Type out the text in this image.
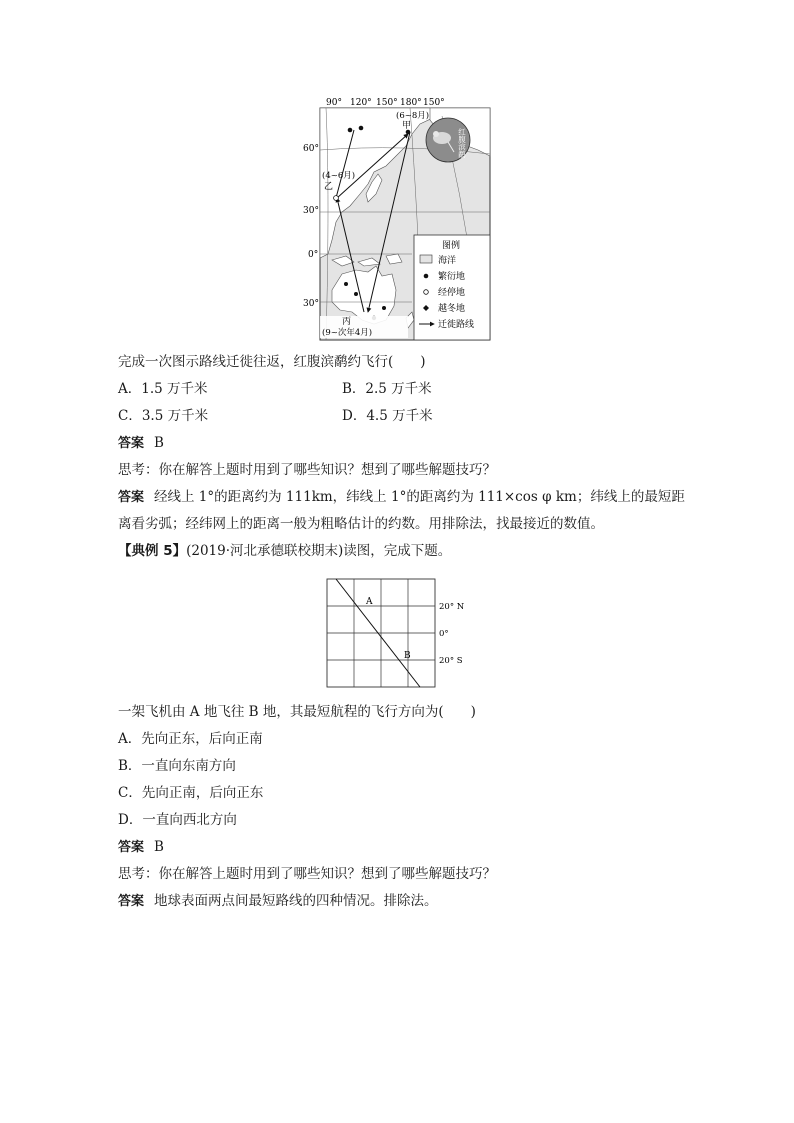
90° 120° 150° 180° 150°
60°
30°
0°
30°
(6~8月)
甲
(4~6月)
乙
丙
(9~次年4月)
红腹滨鹬
图例
海洋
繁衍地
经停地
越冬地
迁徙路线
完成一次图示路线迁徙往返，红腹滨鹬约飞行(　　)
A．1.5 万千米	B．2.5 万千米
C．3.5 万千米	D．4.5 万千米
答案 B
思考：你在解答上题时用到了哪些知识？想到了哪些解题技巧？
答案 经线上 1°的距离约为 111km，纬线上 1°的距离约为 111×cos φ km；纬线上的最短距
离看劣弧；经纬网上的距离一般为粗略估计的约数。用排除法，找最接近的数值。
【典例 5】(2019·河北承德联校期末)读图，完成下题。
A
B
20° N
0°
20° S
一架飞机由 A 地飞往 B 地，其最短航程的飞行方向为(　　)
A．先向正东，后向正南
B．一直向东南方向
C．先向正南，后向正东
D．一直向西北方向
答案 B
思考：你在解答上题时用到了哪些知识？想到了哪些解题技巧？
答案 地球表面两点间最短路线的四种情况。排除法。
